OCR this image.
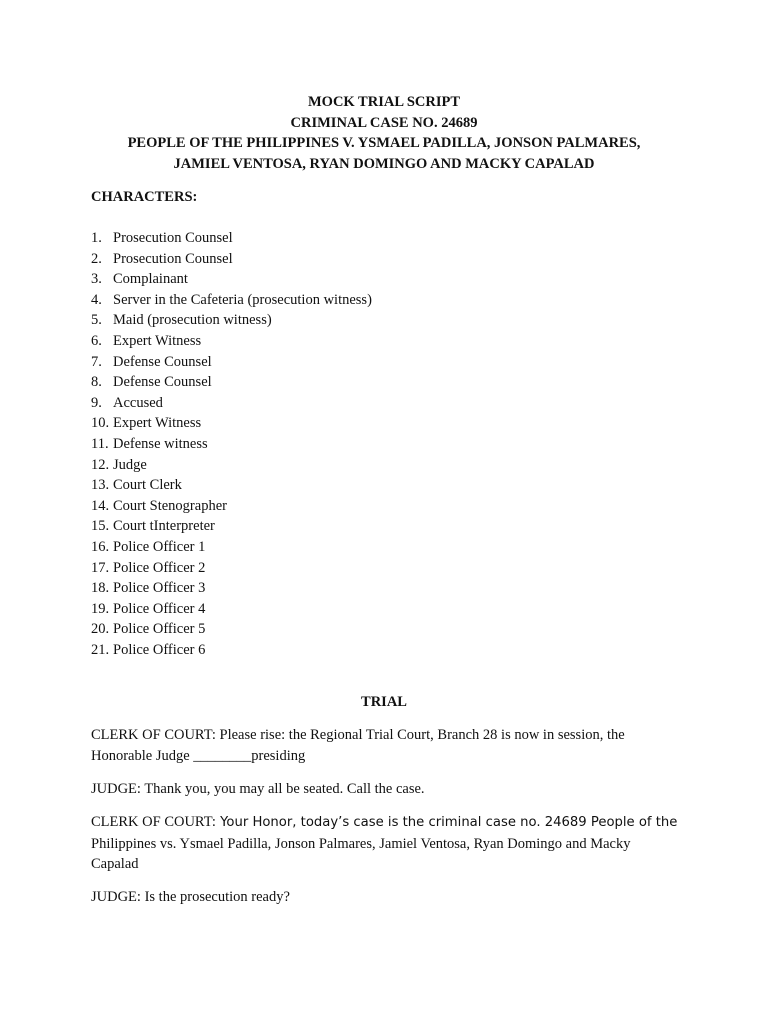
MOCK TRIAL SCRIPT
CRIMINAL CASE NO. 24689
PEOPLE OF THE PHILIPPINES V. YSMAEL PADILLA, JONSON PALMARES,
JAMIEL VENTOSA, RYAN DOMINGO AND MACKY CAPALAD
CHARACTERS:
1. Prosecution Counsel
2. Prosecution Counsel
3. Complainant
4. Server in the Cafeteria (prosecution witness)
5. Maid (prosecution witness)
6. Expert Witness
7. Defense Counsel
8. Defense Counsel
9. Accused
10. Expert Witness
11. Defense witness
12. Judge
13. Court Clerk
14. Court Stenographer
15. Court tInterpreter
16. Police Officer 1
17. Police Officer 2
18. Police Officer 3
19. Police Officer 4
20. Police Officer 5
21. Police Officer 6
TRIAL
CLERK OF COURT: Please rise: the Regional Trial Court, Branch 28 is now in session, the
Honorable Judge ________presiding
JUDGE: Thank you, you may all be seated. Call the case.
CLERK OF COURT: Your Honor, today’s case is the criminal case no. 24689 People of the
Philippines vs. Ysmael Padilla, Jonson Palmares, Jamiel Ventosa, Ryan Domingo and Macky
Capalad
JUDGE: Is the prosecution ready?
